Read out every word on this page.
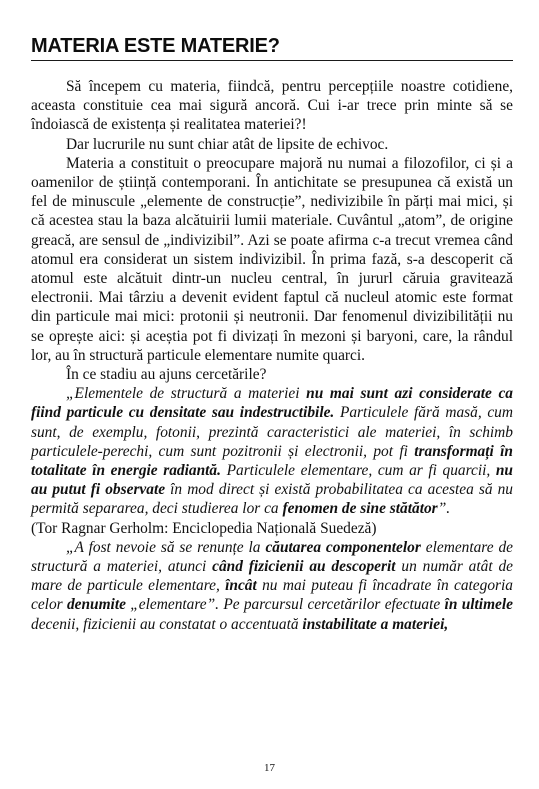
MATERIA ESTE MATERIE?

Să începem cu materia, fiindcă, pentru percepțiile noastre cotidiene, aceasta constituie cea mai sigură ancoră. Cui i-ar trece prin minte să se îndoiască de existența și realitatea materiei?!

Dar lucrurile nu sunt chiar atât de lipsite de echivoc.

Materia a constituit o preocupare majoră nu numai a filozofilor, ci și a oamenilor de știință contemporani. În antichitate se presupunea că există un fel de minuscule „elemente de construcție”, nedivizibile în părți mai mici, și că acestea stau la baza alcătuirii lumii materiale. Cuvântul „atom”, de origine greacă, are sensul de „indivizibil”. Azi se poate afirma c-a trecut vremea când atomul era considerat un sistem indivizibil. În prima fază, s-a descoperit că atomul este alcătuit dintr-un nucleu central, în jururl căruia gravitează electronii. Mai târziu a devenit evident faptul că nucleul atomic este format din particule mai mici: protonii și neutronii. Dar fenomenul divizibilității nu se oprește aici: și aceștia pot fi divizați în mezoni și baryoni, care, la rândul lor, au în structură particule elementare numite quarci.

În ce stadiu au ajuns cercetările?

„Elementele de structură a materiei nu mai sunt azi considerate ca fiind particule cu densitate sau indestructibile. Particulele fără masă, cum sunt, de exemplu, fotonii, prezintă caracteristici ale materiei, în schimb particulele-perechi, cum sunt pozitronii și electronii, pot fi transformați în totalitate în energie radiantă. Particulele elementare, cum ar fi quarcii, nu au putut fi observate în mod direct și există probabilitatea ca acestea să nu permită separarea, deci studierea lor ca fenomen de sine stătător”.

(Tor Ragnar Gerholm: Enciclopedia Națională Suedeză)

„A fost nevoie să se renunțe la căutarea componentelor elementare de structură a materiei, atunci când fizicienii au descoperit un număr atât de mare de particule elementare, încât nu mai puteau fi încadrate în categoria celor denumite „elementare”. Pe parcursul cercetărilor efectuate în ultimele decenii, fizicienii au constatat o accentuată instabilitate a materiei,

17
